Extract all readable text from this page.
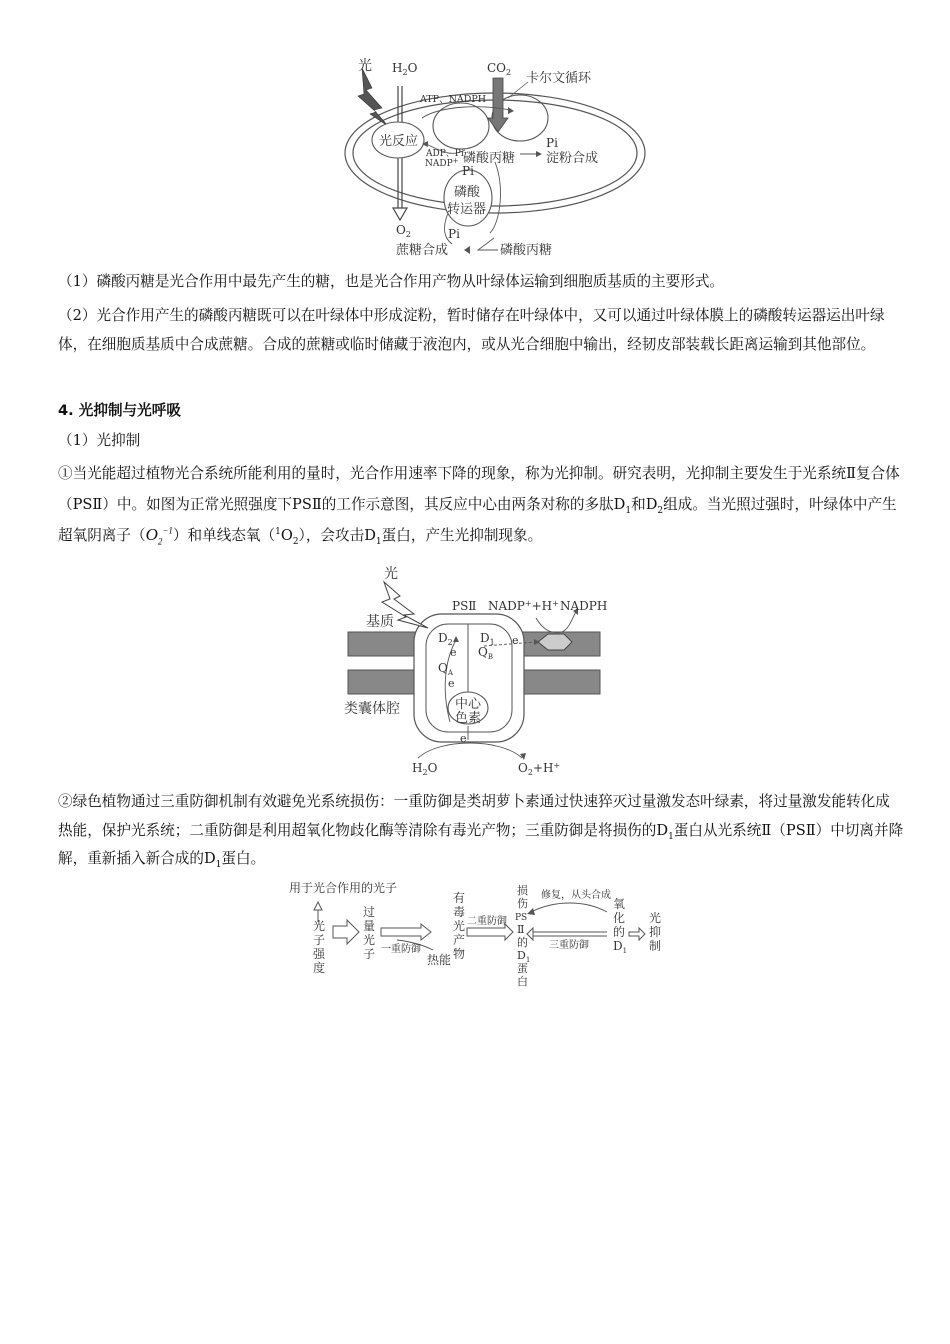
光 $H_2O$	$CO_2$ 卡尔文循环
ATP、NADPH
光反应
ADP、Pi
NADP+ 磷酸丙糖
Pi
淀粉合成
Pi
磷酸
转运器
$O_2$	Pi
蔗糖合成	磷酸丙糖

（1）磷酸丙糖是光合作用中最先产生的糖，也是光合作用产物从叶绿体运输到细胞质基质的主要形式。

（2）光合作用产生的磷酸丙糖既可以在叶绿体中形成淀粉，暂时储存在叶绿体中，又可以通过叶绿体膜上的磷酸转运器运出叶绿体，在细胞质基质中合成蔗糖。合成的蔗糖或临时储藏于液泡内，或从光合细胞中输出，经韧皮部装载长距离运输到其他部位。

4. 光抑制与光呼吸

（1）光抑制

①当光能超过植物光合系统所能利用的量时，光合作用速率下降的现象，称为光抑制。研究表明，光抑制主要发生于光系统Ⅱ复合体（PSⅡ）中。如图为正常光照强度下PSⅡ的工作示意图，其反应中心由两条对称的多肽$D_1$和$D_2$组成。当光照过强时，叶绿体中产生超氧阴离子$(O_2^{-1})$和单线态氧$(^1O_2)$，会攻击$D_1$蛋白，产生光抑制现象。

光
基质
PSⅡ NADP++H+ NADPH
$D_2$ $D_1$
e
$Q_A$
$Q_B$
e
e
中心
色素
类囊体腔
e
$H_2O$	$O_2+H^+$

②绿色植物通过三重防御机制有效避免光系统损伤：一重防御是类胡萝卜素通过快速猝灭过量激发态叶绿素，将过量激发能转化成热能，保护光系统；二重防御是利用超氧化物歧化酶等清除有毒光产物；三重防御是将损伤的$D_1$蛋白从光系统Ⅱ（PSⅡ）中切离并降解，重新插入新合成的$D_1$蛋白。

用于光合作用的光子
光 子 强 度
过 量 光 子 一重防御
热能
有 毒 光 产 物
二重防御
损 伤 PS Ⅱ 的 $D_1$ 蛋 白
修复，从头合成
三重防御
氧 化 的 $D_1$
光 抑 制
